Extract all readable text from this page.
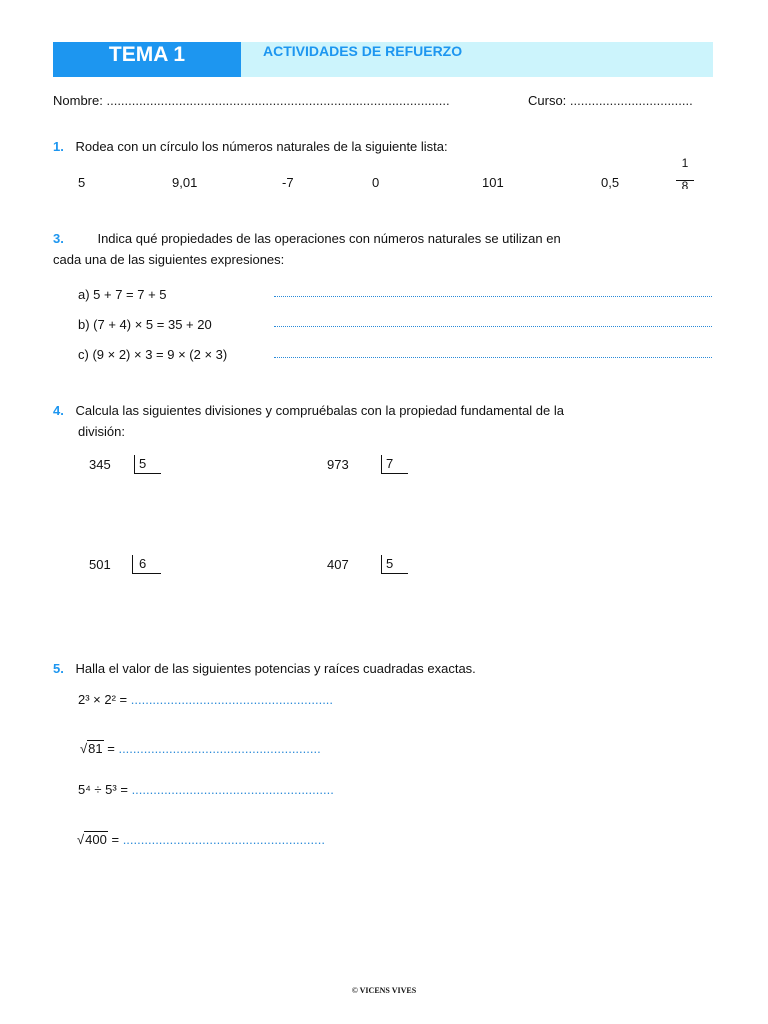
TEMA 1	ACTIVIDADES DE REFUERZO
Nombre: ...............................................................................................	Curso: ..................................
1. Rodea con un círculo los números naturales de la siguiente lista:
5	9,01	-7	0	101	0,5	$\frac{1}{8}$
3.	Indica qué propiedades de las operaciones con números naturales se utilizan en
cada una de las siguientes expresiones:
a) 5 + 7 = 7 + 5
b) (7 + 4) × 5 = 35 + 20
c) (9 × 2) × 3 = 9 × (2 × 3)
4. Calcula las siguientes divisiones y compruébalas con la propiedad fundamental de la
división:
345	5	973	7
501	6	407	5
5. Halla el valor de las siguientes potencias y raíces cuadradas exactas.
2³ × 2² = ........................................................
√81 = ........................................................
5⁴ ÷ 5³ = ........................................................
√400 = ........................................................
© VICENS VIVES
